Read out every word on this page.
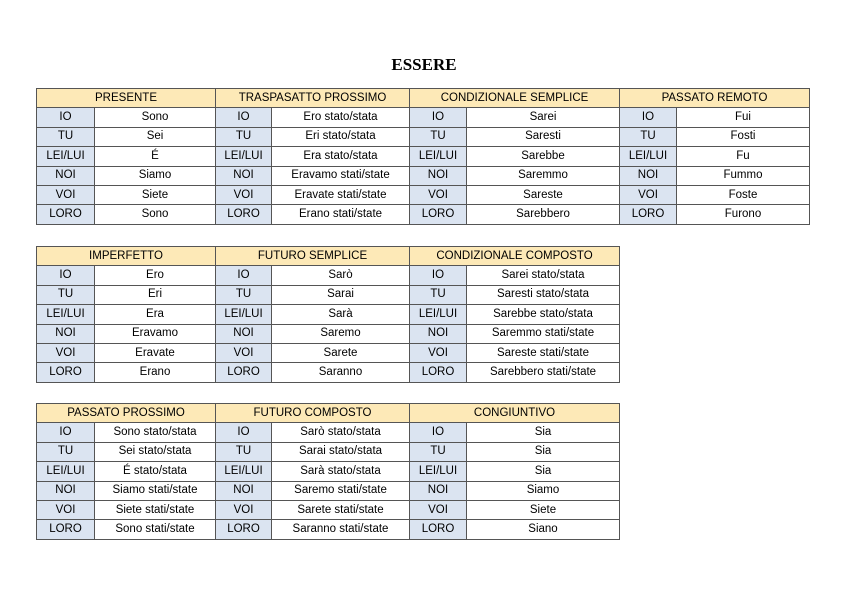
ESSERE
PRESENTE		TRASPASATTO PROSSIMO		CONDIZIONALE SEMPLICE		PASSATO REMOTO	
IO	Sono	IO	Ero stato/stata	IO	Sarei	IO	Fui
TU	Sei	TU	Eri stato/stata	TU	Saresti	TU	Fosti
LEI/LUI	É	LEI/LUI	Era stato/stata	LEI/LUI	Sarebbe	LEI/LUI	Fu
NOI	Siamo	NOI	Eravamo stati/state	NOI	Saremmo	NOI	Fummo
VOI	Siete	VOI	Eravate stati/state	VOI	Sareste	VOI	Foste
LORO	Sono	LORO	Erano stati/state	LORO	Sarebbero	LORO	Furono
IMPERFETTO		FUTURO SEMPLICE		CONDIZIONALE COMPOSTO	
IO	Ero	IO	Sarò	IO	Sarei stato/stata
TU	Eri	TU	Sarai	TU	Saresti stato/stata
LEI/LUI	Era	LEI/LUI	Sarà	LEI/LUI	Sarebbe stato/stata
NOI	Eravamo	NOI	Saremo	NOI	Saremmo stati/state
VOI	Eravate	VOI	Sarete	VOI	Sareste stati/state
LORO	Erano	LORO	Saranno	LORO	Sarebbero stati/state
PASSATO PROSSIMO		FUTURO COMPOSTO		CONGIUNTIVO	
IO	Sono stato/stata	IO	Sarò stato/stata	IO	Sia
TU	Sei stato/stata	TU	Sarai stato/stata	TU	Sia
LEI/LUI	É stato/stata	LEI/LUI	Sarà stato/stata	LEI/LUI	Sia
NOI	Siamo stati/state	NOI	Saremo stati/state	NOI	Siamo
VOI	Siete stati/state	VOI	Sarete stati/state	VOI	Siete
LORO	Sono stati/state	LORO	Saranno stati/state	LORO	Siano
